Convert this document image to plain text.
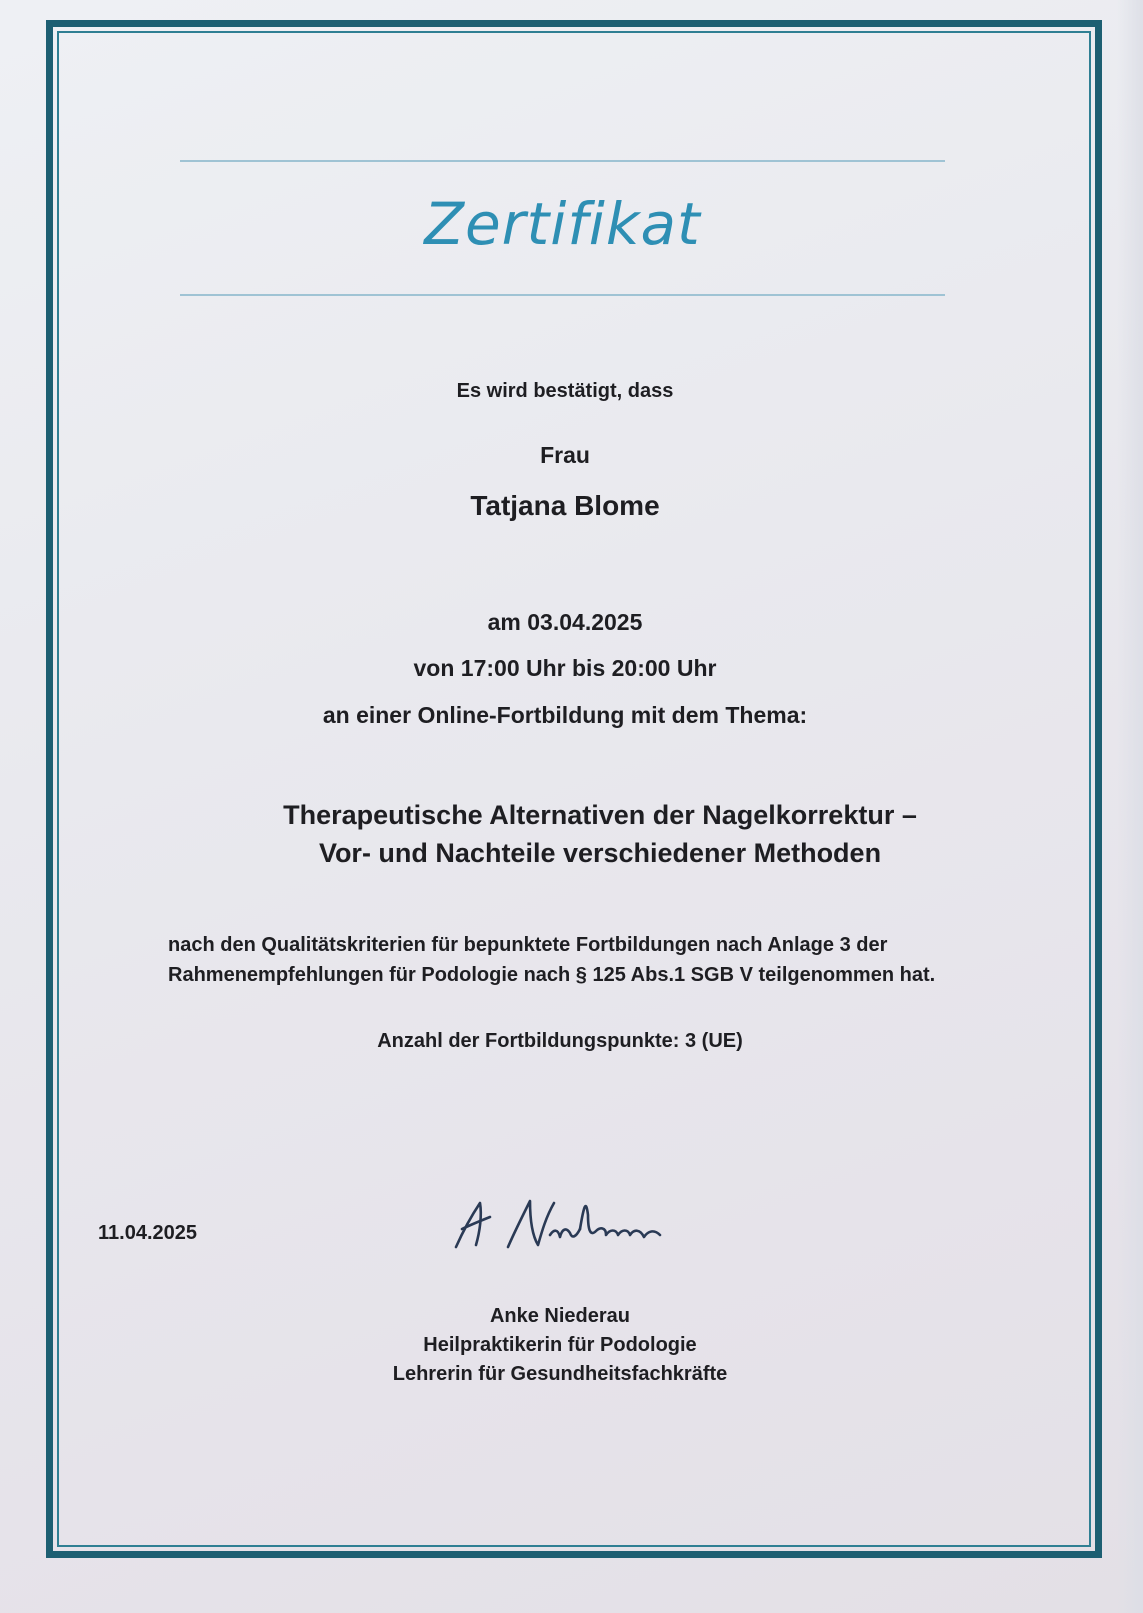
Zertifikat
Es wird bestätigt, dass
Frau
Tatjana Blome
am 03.04.2025
von 17:00 Uhr bis 20:00 Uhr
an einer Online-Fortbildung mit dem Thema:
Therapeutische Alternativen der Nagelkorrektur –
Vor- und Nachteile verschiedener Methoden
nach den Qualitätskriterien für bepunktete Fortbildungen nach Anlage 3 der Rahmenempfehlungen für Podologie nach § 125 Abs.1 SGB V teilgenommen hat.
Anzahl der Fortbildungspunkte: 3 (UE)
11.04.2025
Anke Niederau
Heilpraktikerin für Podologie
Lehrerin für Gesundheitsfachkräfte
